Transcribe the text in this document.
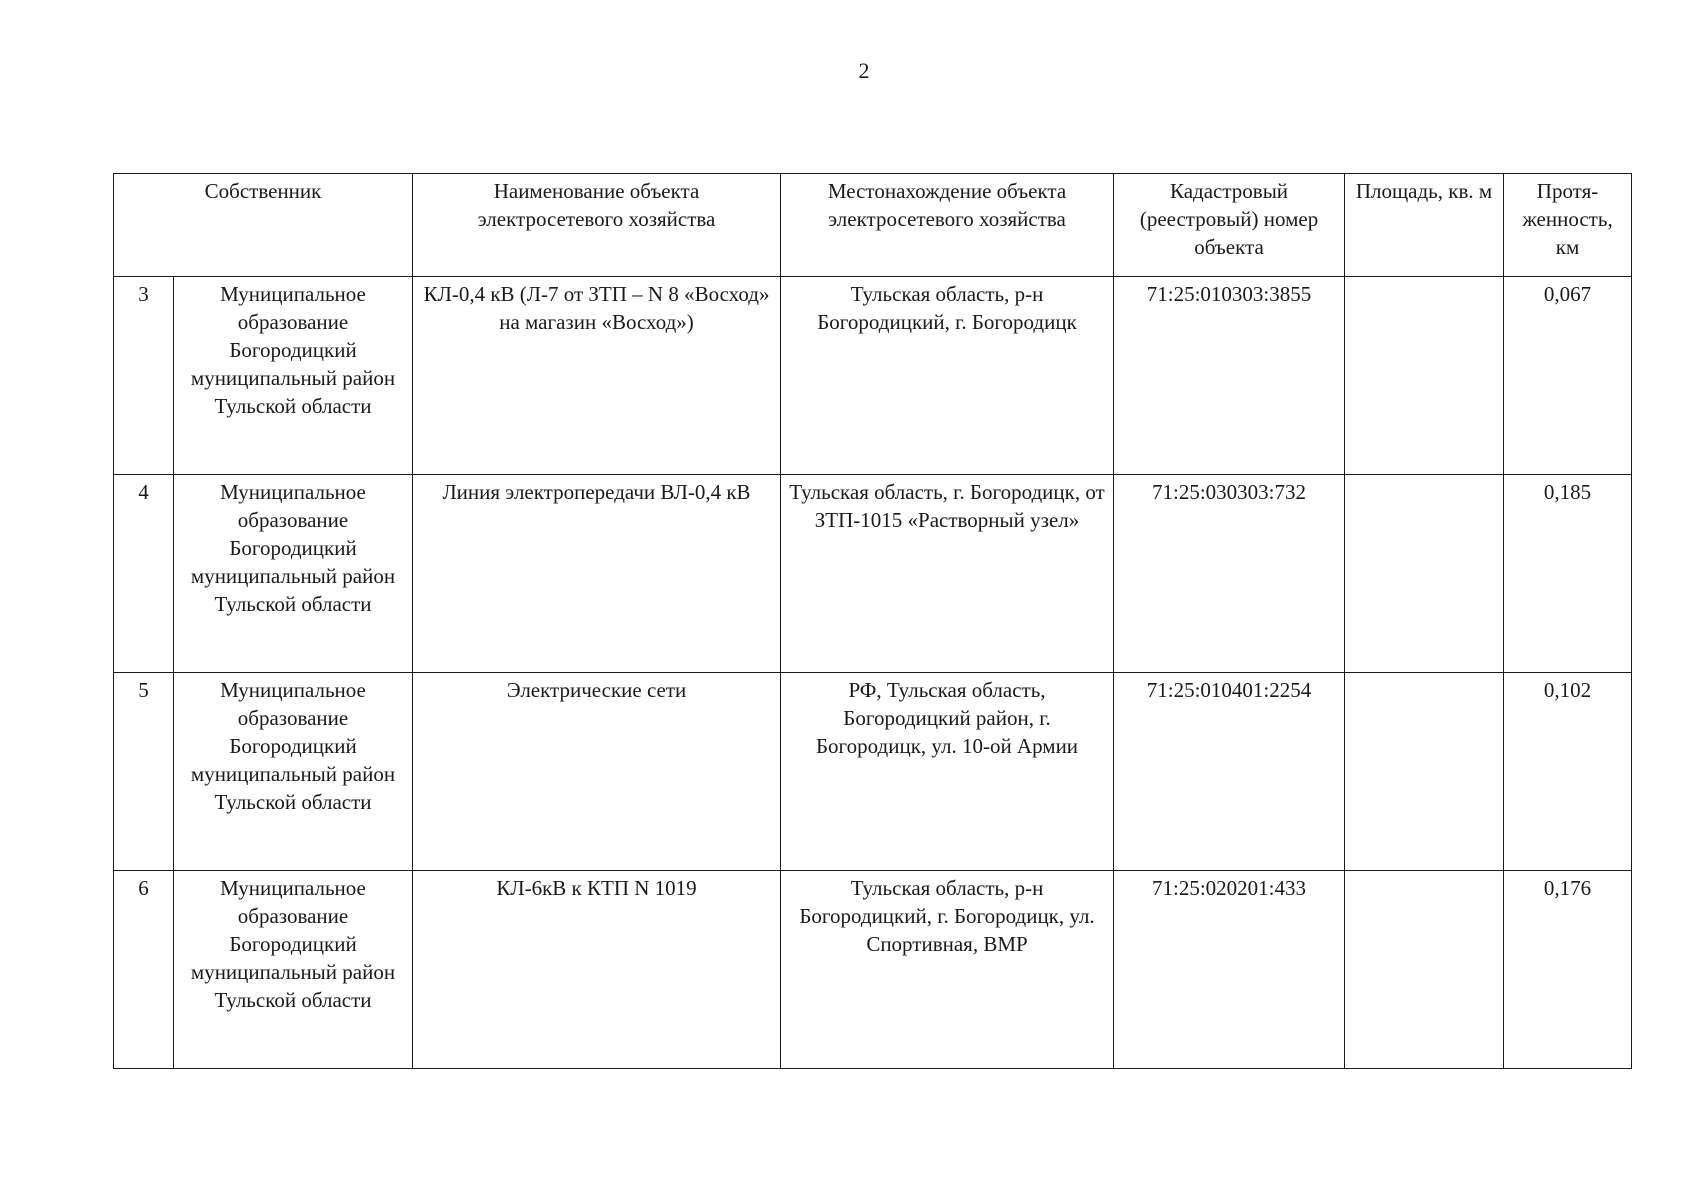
2
Собственник		Наименование объекта электросетевого хозяйства	Местонахождение объекта электросетевого хозяйства	Кадастровый (реестровый) номер объекта	Площадь, кв. м	Протя-женность, км
3	Муниципальное образование Богородицкий муниципальный район Тульской области	КЛ-0,4 кВ (Л-7 от ЗТП – N 8 «Восход» на магазин «Восход»)	Тульская область, р-н Богородицкий, г. Богородицк	71:25:010303:3855		0,067
4	Муниципальное образование Богородицкий муниципальный район Тульской области	Линия электропередачи ВЛ-0,4 кВ	Тульская область, г. Богородицк, от ЗТП-1015 «Растворный узел»	71:25:030303:732		0,185
5	Муниципальное образование Богородицкий муниципальный район Тульской области	Электрические сети	РФ, Тульская область, Богородицкий район, г. Богородицк, ул. 10-ой Армии	71:25:010401:2254		0,102
6	Муниципальное образование Богородицкий муниципальный район Тульской области	КЛ-6кВ к КТП N 1019	Тульская область, р-н Богородицкий, г. Богородицк, ул. Спортивная, ВМР	71:25:020201:433		0,176
